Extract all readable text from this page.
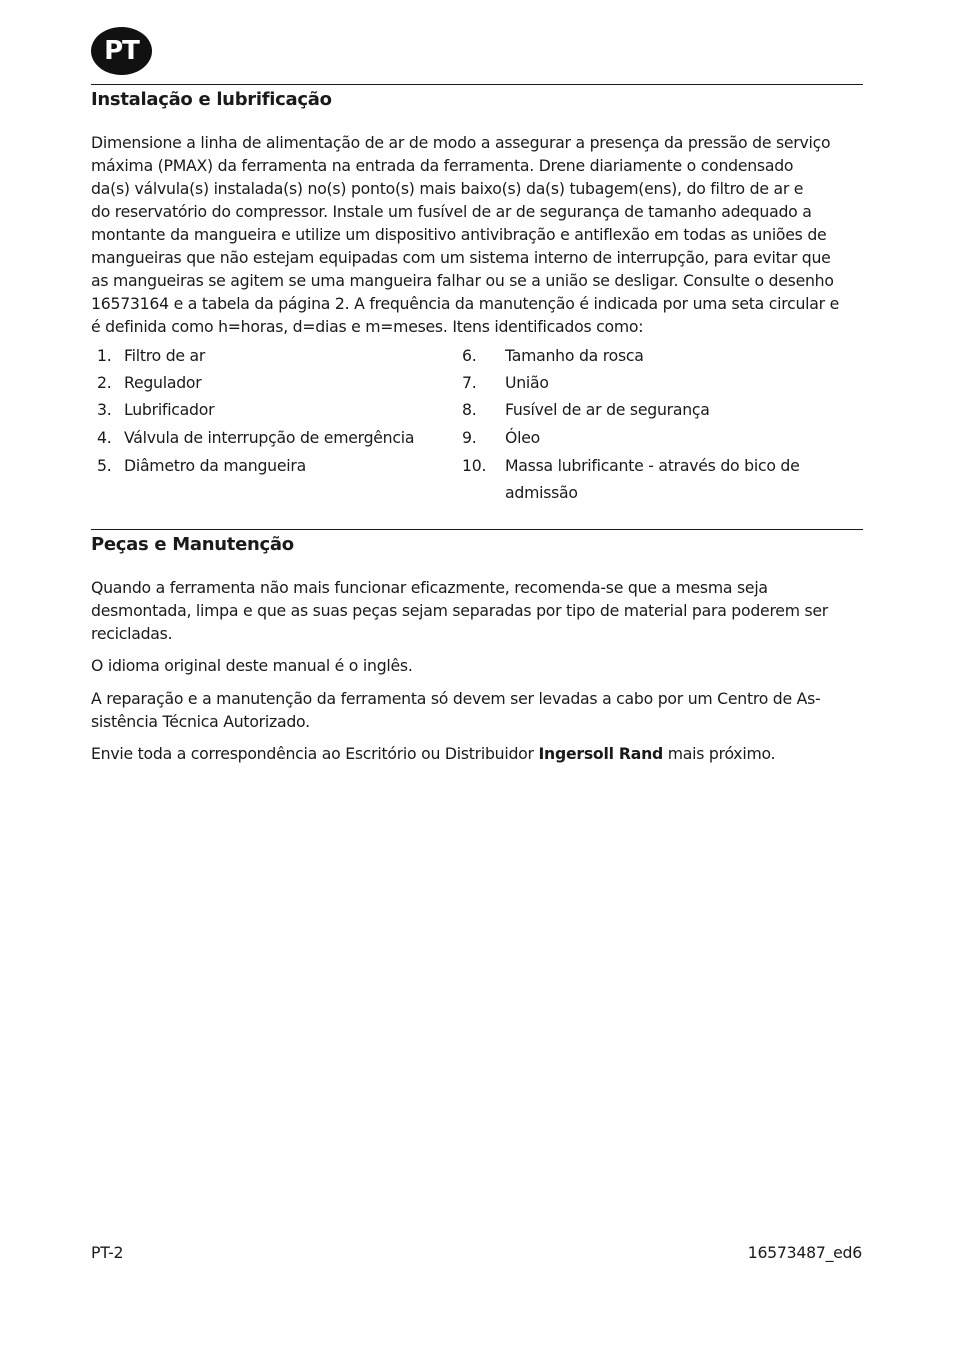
PT
Instalação e lubrificação
Dimensione a linha de alimentação de ar de modo a assegurar a presença da pressão de serviço
máxima (PMAX) da ferramenta na entrada da ferramenta. Drene diariamente o condensado
da(s) válvula(s) instalada(s) no(s) ponto(s) mais baixo(s) da(s) tubagem(ens), do filtro de ar e
do reservatório do compressor. Instale um fusível de ar de segurança de tamanho adequado a
montante da mangueira e utilize um dispositivo antivibração e antiflexão em todas as uniões de
mangueiras que não estejam equipadas com um sistema interno de interrupção, para evitar que
as mangueiras se agitem se uma mangueira falhar ou se a união se desligar. Consulte o desenho
16573164 e a tabela da página 2. A frequência da manutenção é indicada por uma seta circular e
é definida como h=horas, d=dias e m=meses. Itens identificados como:
1. Filtro de ar
2. Regulador
3. Lubrificador
4. Válvula de interrupção de emergência
5. Diâmetro da mangueira
6. Tamanho da rosca
7. União
8. Fusível de ar de segurança
9. Óleo
10. Massa lubrificante - através do bico de
admissão
Peças e Manutenção
Quando a ferramenta não mais funcionar eficazmente, recomenda-se que a mesma seja
desmontada, limpa e que as suas peças sejam separadas por tipo de material para poderem ser
recicladas.
O idioma original deste manual é o inglês.
A reparação e a manutenção da ferramenta só devem ser levadas a cabo por um Centro de As-
sistência Técnica Autorizado.
Envie toda a correspondência ao Escritório ou Distribuidor Ingersoll Rand mais próximo.
PT-2	16573487_ed6
